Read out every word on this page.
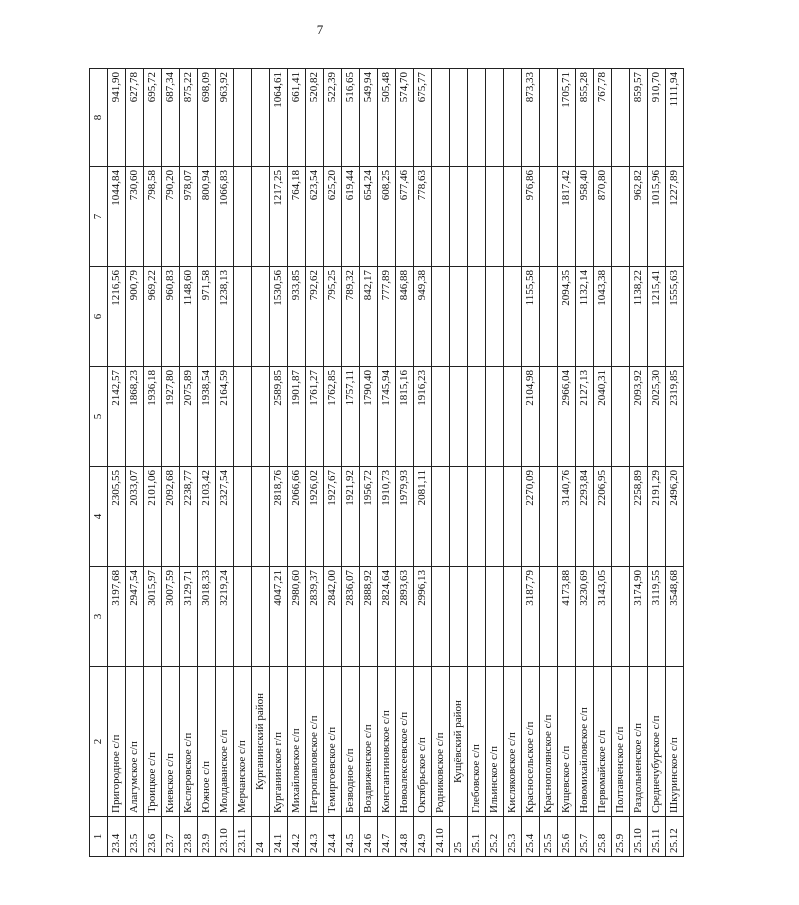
7
1	2	3	4	5	6	7	8
23.4	Пригородное с/п	3197,68	2305,55	2142,57	1216,56	1044,84	941,90
23.5	Алагумское с/п	2947,54	2033,07	1868,23	900,79	730,60	627,78
23.6	Троицкое с/п	3015,97	2101,06	1936,18	969,22	798,58	695,72
23.7	Киевское с/п	3007,59	2092,68	1927,80	960,83	790,20	687,34
23.8	Кеслеровское с/п	3129,71	2238,77	2075,89	1148,60	978,07	875,22
23.9	Южное с/п	3018,33	2103,42	1938,54	971,58	800,94	698,09
23.10	Молдаванское с/п	3219,24	2327,54	2164,59	1238,13	1066,83	963,92
23.11	Мерчанское с/п						
24	Курганинский район						
24.1	Курганинское г/п	4047,21	2818,76	2589,85	1530,56	1217,25	1064,61
24.2	Михайловское с/п	2980,60	2066,66	1901,87	933,85	764,18	661,41
24.3	Петропавловское с/п	2839,37	1926,02	1761,27	792,62	623,54	520,82
24.4	Темиргоевское с/п	2842,00	1927,67	1762,85	795,25	625,20	522,39
24.5	Безводное с/п	2836,07	1921,92	1757,11	789,32	619,44	516,65
24.6	Воздвиженское с/п	2888,92	1956,72	1790,40	842,17	654,24	549,94
24.7	Константиновское с/п	2824,64	1910,73	1745,94	777,89	608,25	505,48
24.8	Новоалексеевское с/п	2893,63	1979,93	1815,16	846,88	677,46	574,70
24.9	Октябрьское с/п	2996,13	2081,11	1916,23	949,38	778,63	675,77
24.10	Родниковское с/п						
25	Кущёвский район						
25.1	Глебовское с/п						
25.2	Ильинское с/п						
25.3	Кисляковское с/п						
25.4	Красносельское с/п	3187,79	2270,09	2104,98	1155,58	976,86	873,33
25.5	Краснополянское с/п						
25.6	Кущевское с/п	4173,88	3140,76	2966,04	2094,35	1817,42	1705,71
25.7	Новомихайловское с/п	3230,69	2293,84	2127,13	1132,14	958,40	855,28
25.8	Первомайское с/п	3143,05	2206,95	2040,31	1043,38	870,80	767,78
25.9	Полтавченское с/п						
25.10	Раздольненское с/п	3174,90	2258,89	2093,92	1138,22	962,82	859,57
25.11	Среднечубурское с/п	3119,55	2191,29	2025,30	1215,41	1015,96	910,70
25.12	Шкуринское с/п	3548,68	2496,20	2319,85	1555,63	1227,89	1111,94
